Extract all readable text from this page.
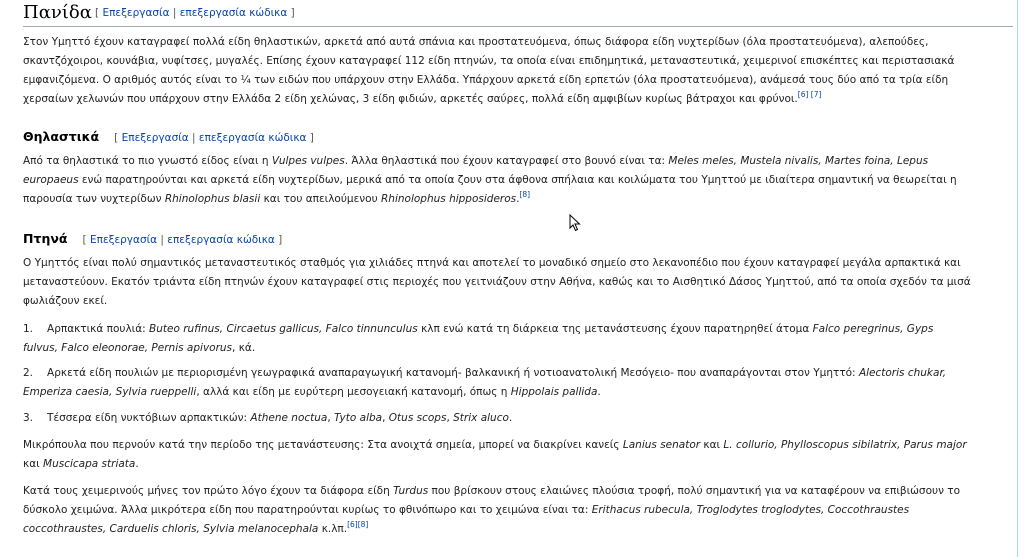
Πανίδα [ Επεξεργασία | επεξεργασία κώδικα ]
Στον Υμηττό έχουν καταγραφεί πολλά είδη θηλαστικών, αρκετά από αυτά σπάνια και προστατευόμενα, όπως διάφορα είδη νυχτερίδων (όλα προστατευόμενα), αλεπούδες,
σκαντζόχοιροι, κουνάβια, νυφίτσες, μυγαλές. Επίσης έχουν καταγραφεί 112 είδη πτηνών, τα οποία είναι επιδημητικά, μεταναστευτικά, χειμερινοί επισκέπτες και περιστασιακά
εμφανιζόμενα. Ο αριθμός αυτός είναι το ¼ των ειδών που υπάρχουν στην Ελλάδα. Υπάρχουν αρκετά είδη ερπετών (όλα προστατευόμενα), ανάμεσά τους δύο από τα τρία είδη
χερσαίων χελωνών που υπάρχουν στην Ελλάδα 2 είδη χελώνας, 3 είδη φιδιών, αρκετές σαύρες, πολλά είδη αμφιβίων κυρίως βάτραχοι και φρύνοι.[6] [7]
Θηλαστικά [ Επεξεργασία | επεξεργασία κώδικα ]
Από τα θηλαστικά το πιο γνωστό είδος είναι η Vulpes vulpes. Άλλα θηλαστικά που έχουν καταγραφεί στο βουνό είναι τα: Meles meles, Mustela nivalis, Martes foina, Lepus
europaeus ενώ παρατηρούνται και αρκετά είδη νυχτερίδων, μερικά από τα οποία ζουν στα άφθονα σπήλαια και κοιλώματα του Υμηττού με ιδιαίτερα σημαντική να θεωρείται η
παρουσία των νυχτερίδων Rhinolophus blasii και του απειλούμενου Rhinolophus hipposideros.[8]
Πτηνά [ Επεξεργασία | επεξεργασία κώδικα ]
Ο Υμηττός είναι πολύ σημαντικός μεταναστευτικός σταθμός για χιλιάδες πτηνά και αποτελεί το μοναδικό σημείο στο λεκανοπέδιο που έχουν καταγραφεί μεγάλα αρπακτικά και
μεταναστεύουν. Εκατόν τριάντα είδη πτηνών έχουν καταγραφεί στις περιοχές που γειτνιάζουν στην Αθήνα, καθώς και το Αισθητικό Δάσος Υμηττού, από τα οποία σχεδόν τα μισά
φωλιάζουν εκεί.
1. Αρπακτικά πουλιά: Buteo rufinus, Circaetus gallicus, Falco tinnunculus κλπ ενώ κατά τη διάρκεια της μετανάστευσης έχουν παρατηρηθεί άτομα Falco peregrinus, Gyps
fulvus, Falco eleonorae, Pernis apivorus, κά.
2. Αρκετά είδη πουλιών με περιορισμένη γεωγραφικά αναπαραγωγική κατανομή- βαλκανική ή νοτιοανατολική Μεσόγειο- που αναπαράγονται στον Υμηττό: Alectoris chukar,
Emperiza caesia, Sylvia rueppelli, αλλά και είδη με ευρύτερη μεσογειακή κατανομή, όπως η Hippolais pallida.
3. Τέσσερα είδη νυκτόβιων αρπακτικών: Athene noctua, Tyto alba, Otus scops, Strix aluco.
Μικρόπουλα που περνούν κατά την περίοδο της μετανάστευσης: Στα ανοιχτά σημεία, μπορεί να διακρίνει κανείς Lanius senator και L. collurio, Phylloscopus sibilatrix, Parus major
και Muscicapa striata.
Κατά τους χειμερινούς μήνες τον πρώτο λόγο έχουν τα διάφορα είδη Turdus που βρίσκουν στους ελαιώνες πλούσια τροφή, πολύ σημαντική για να καταφέρουν να επιβιώσουν το
δύσκολο χειμώνα. Άλλα μικρότερα είδη που παρατηρούνται κυρίως το φθινόπωρο και το χειμώνα είναι τα: Erithacus rubecula, Troglodytes troglodytes, Coccothraustes
coccothraustes, Carduelis chloris, Sylvia melanocephala κ.λπ.[6][8]
